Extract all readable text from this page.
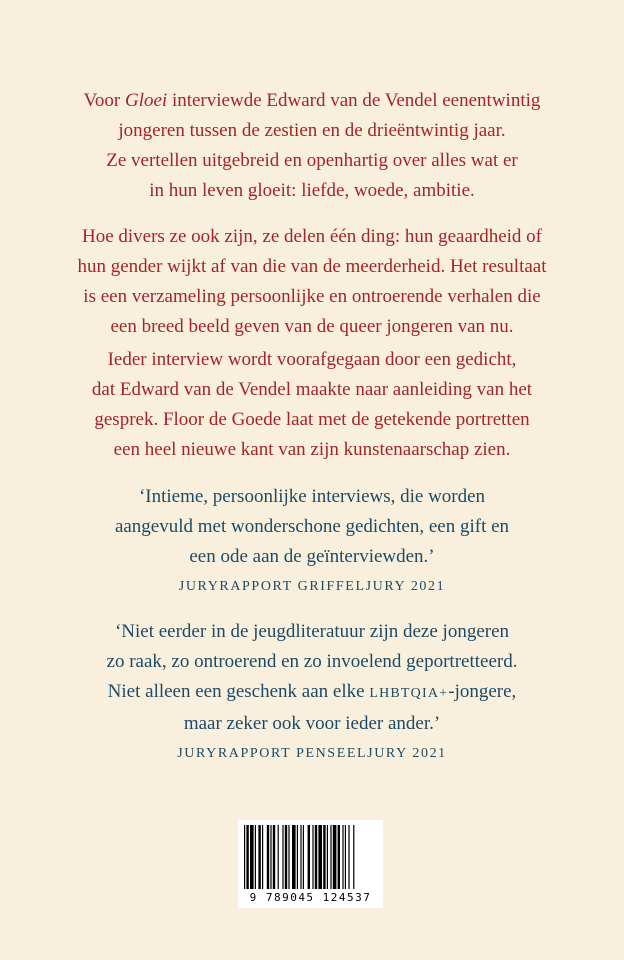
Voor Gloei interviewde Edward van de Vendel eenentwintig
jongeren tussen de zestien en de drieëntwintig jaar.
Ze vertellen uitgebreid en openhartig over alles wat er
in hun leven gloeit: liefde, woede, ambitie.
Hoe divers ze ook zijn, ze delen één ding: hun geaardheid of
hun gender wijkt af van die van de meerderheid. Het resultaat
is een verzameling persoonlijke en ontroerende verhalen die
een breed beeld geven van de queer jongeren van nu.
Ieder interview wordt voorafgegaan door een gedicht,
dat Edward van de Vendel maakte naar aanleiding van het
gesprek. Floor de Goede laat met de getekende portretten
een heel nieuwe kant van zijn kunstenaarschap zien.
‘Intieme, persoonlijke interviews, die worden
aangevuld met wonderschone gedichten, een gift en
een ode aan de geïnterviewden.’
JURYRAPPORT GRIFFELJURY 2021
‘Niet eerder in de jeugdliteratuur zijn deze jongeren
zo raak, zo ontroerend en zo invoelend geportretteerd.
Niet alleen een geschenk aan elke LHBTQIA+-jongere,
maar zeker ook voor ieder ander.’
JURYRAPPORT PENSEELJURY 2021
9 789045 124537
